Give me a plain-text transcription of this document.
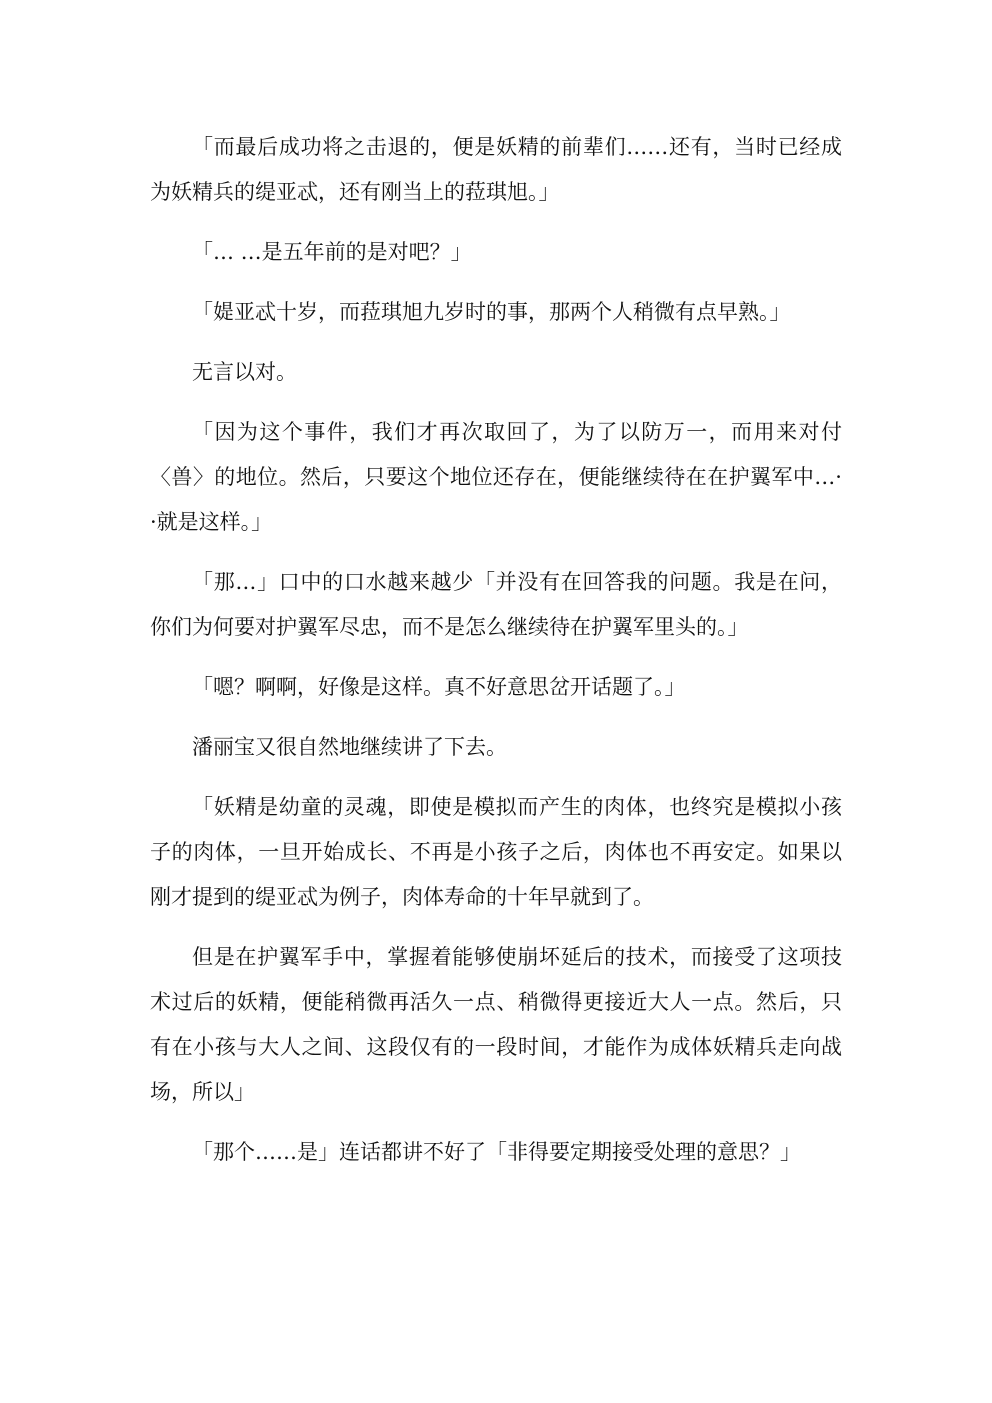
「而最后成功将之击退的，便是妖精的前辈们……还有，当时已经成为妖精兵的缇亚忒，还有刚当上的菈琪旭。」

「… …是五年前的是对吧？」

「媞亚忒十岁，而菈琪旭九岁时的事，那两个人稍微有点早熟。」

无言以对。

「因为这个事件，我们才再次取回了，为了以防万一，而用来对付〈兽〉的地位。然后，只要这个地位还存在，便能继续待在在护翼军中…· ·就是这样。」

「那…」口中的口水越来越少「并没有在回答我的问题。我是在问，你们为何要对护翼军尽忠，而不是怎么继续待在护翼军里头的。」

「嗯？啊啊，好像是这样。真不好意思岔开话题了。」

潘丽宝又很自然地继续讲了下去。

「妖精是幼童的灵魂，即使是模拟而产生的肉体，也终究是模拟小孩子的肉体，一旦开始成长、不再是小孩子之后，肉体也不再安定。如果以刚才提到的缇亚忒为例子，肉体寿命的十年早就到了。

但是在护翼军手中，掌握着能够使崩坏延后的技术，而接受了这项技术过后的妖精，便能稍微再活久一点、稍微得更接近大人一点。然后，只有在小孩与大人之间、这段仅有的一段时间，才能作为成体妖精兵走向战场，所以」

「那个……是」连话都讲不好了「非得要定期接受处理的意思？」
